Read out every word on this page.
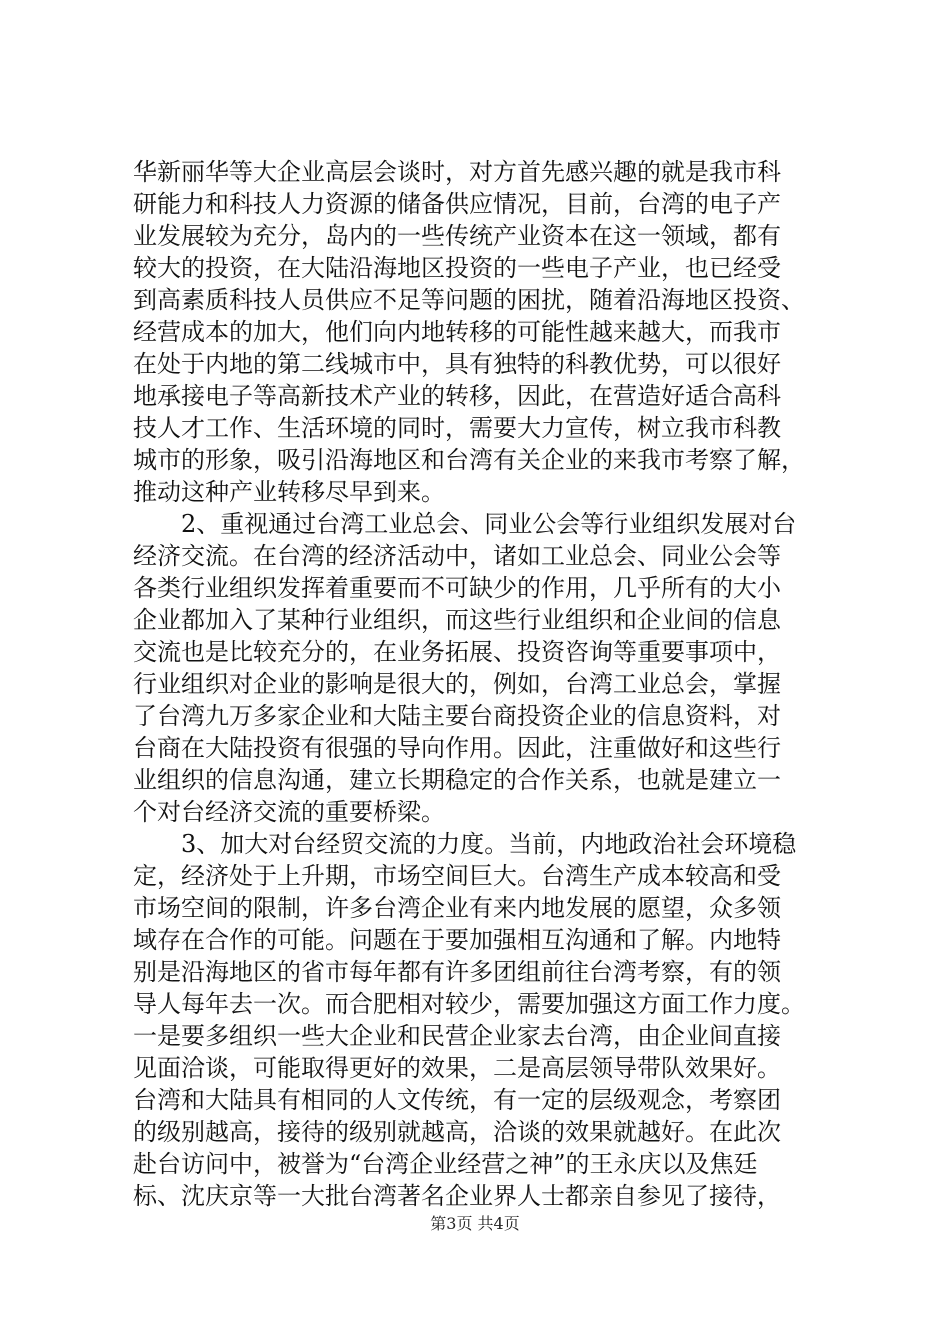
华新丽华等大企业高层会谈时，对方首先感兴趣的就是我市科
研能力和科技人力资源的储备供应情况，目前，台湾的电子产
业发展较为充分，岛内的一些传统产业资本在这一领域，都有
较大的投资，在大陆沿海地区投资的一些电子产业，也已经受
到高素质科技人员供应不足等问题的困扰，随着沿海地区投资、
经营成本的加大，他们向内地转移的可能性越来越大，而我市
在处于内地的第二线城市中，具有独特的科教优势，可以很好
地承接电子等高新技术产业的转移，因此，在营造好适合高科
技人才工作、生活环境的同时，需要大力宣传，树立我市科教
城市的形象，吸引沿海地区和台湾有关企业的来我市考察了解，
推动这种产业转移尽早到来。
　　2、重视通过台湾工业总会、同业公会等行业组织发展对台
经济交流。在台湾的经济活动中，诸如工业总会、同业公会等
各类行业组织发挥着重要而不可缺少的作用，几乎所有的大小
企业都加入了某种行业组织，而这些行业组织和企业间的信息
交流也是比较充分的，在业务拓展、投资咨询等重要事项中，
行业组织对企业的影响是很大的，例如，台湾工业总会，掌握
了台湾九万多家企业和大陆主要台商投资企业的信息资料，对
台商在大陆投资有很强的导向作用。因此，注重做好和这些行
业组织的信息沟通，建立长期稳定的合作关系，也就是建立一
个对台经济交流的重要桥梁。
　　3、加大对台经贸交流的力度。当前，内地政治社会环境稳
定，经济处于上升期，市场空间巨大。台湾生产成本较高和受
市场空间的限制，许多台湾企业有来内地发展的愿望，众多领
域存在合作的可能。问题在于要加强相互沟通和了解。内地特
别是沿海地区的省市每年都有许多团组前往台湾考察，有的领
导人每年去一次。而合肥相对较少，需要加强这方面工作力度。
一是要多组织一些大企业和民营企业家去台湾，由企业间直接
见面洽谈，可能取得更好的效果，二是高层领导带队效果好。
台湾和大陆具有相同的人文传统，有一定的层级观念，考察团
的级别越高，接待的级别就越高，洽谈的效果就越好。在此次
赴台访问中，被誉为“台湾企业经营之神”的王永庆以及焦廷
标、沈庆京等一大批台湾著名企业界人士都亲自参见了接待，
第3页 共4页
